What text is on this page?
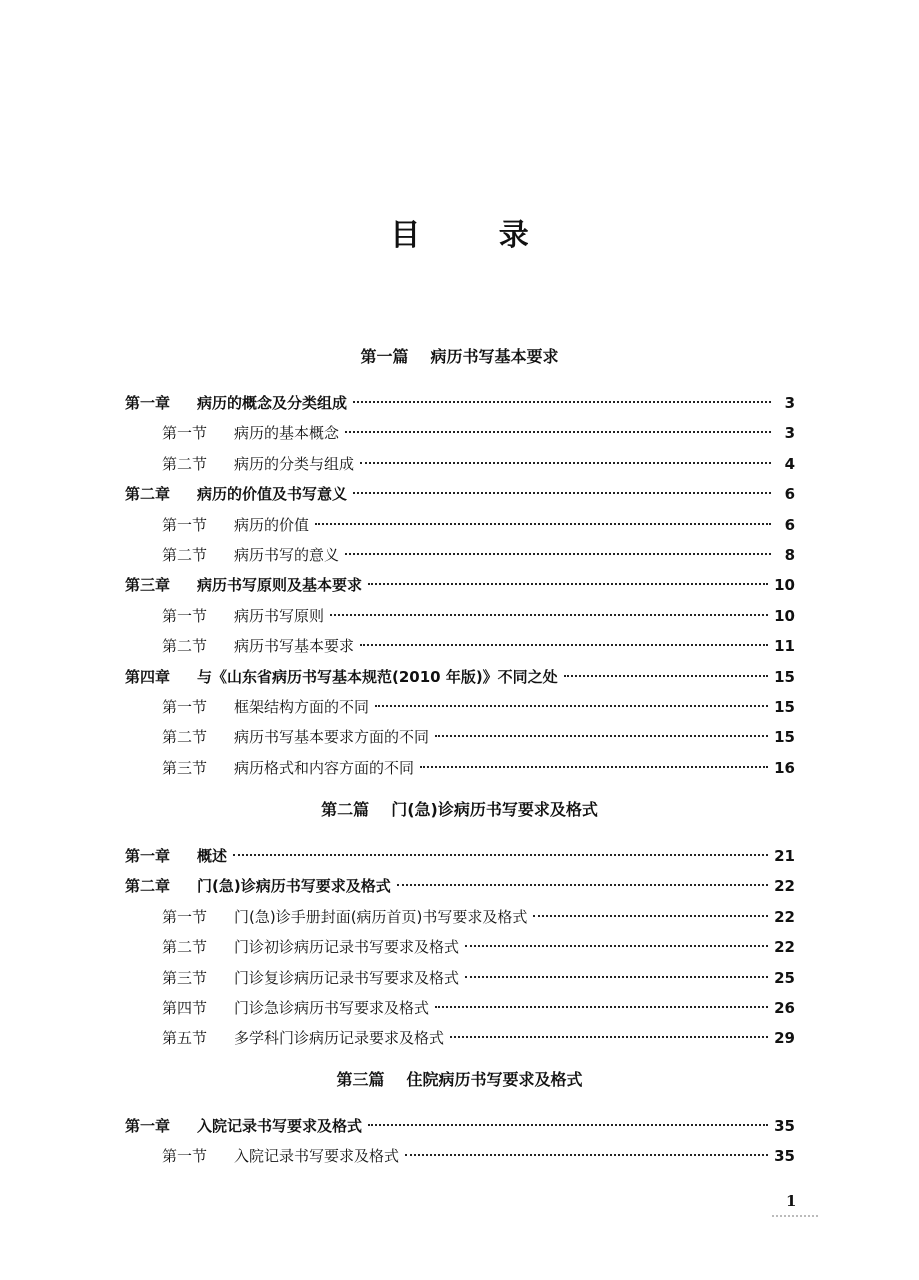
目 录
第一篇 病历书写基本要求
第一章	病历的概念及分类组成	3
第一节	病历的基本概念	3
第二节	病历的分类与组成	4
第二章	病历的价值及书写意义	6
第一节	病历的价值	6
第二节	病历书写的意义	8
第三章	病历书写原则及基本要求	10
第一节	病历书写原则	10
第二节	病历书写基本要求	11
第四章	与《山东省病历书写基本规范(2010 年版)》不同之处	15
第一节	框架结构方面的不同	15
第二节	病历书写基本要求方面的不同	15
第三节	病历格式和内容方面的不同	16
第二篇 门(急)诊病历书写要求及格式
第一章	概述	21
第二章	门(急)诊病历书写要求及格式	22
第一节	门(急)诊手册封面(病历首页)书写要求及格式	22
第二节	门诊初诊病历记录书写要求及格式	22
第三节	门诊复诊病历记录书写要求及格式	25
第四节	门诊急诊病历书写要求及格式	26
第五节	多学科门诊病历记录要求及格式	29
第三篇 住院病历书写要求及格式
第一章	入院记录书写要求及格式	35
第一节	入院记录书写要求及格式	35
1
